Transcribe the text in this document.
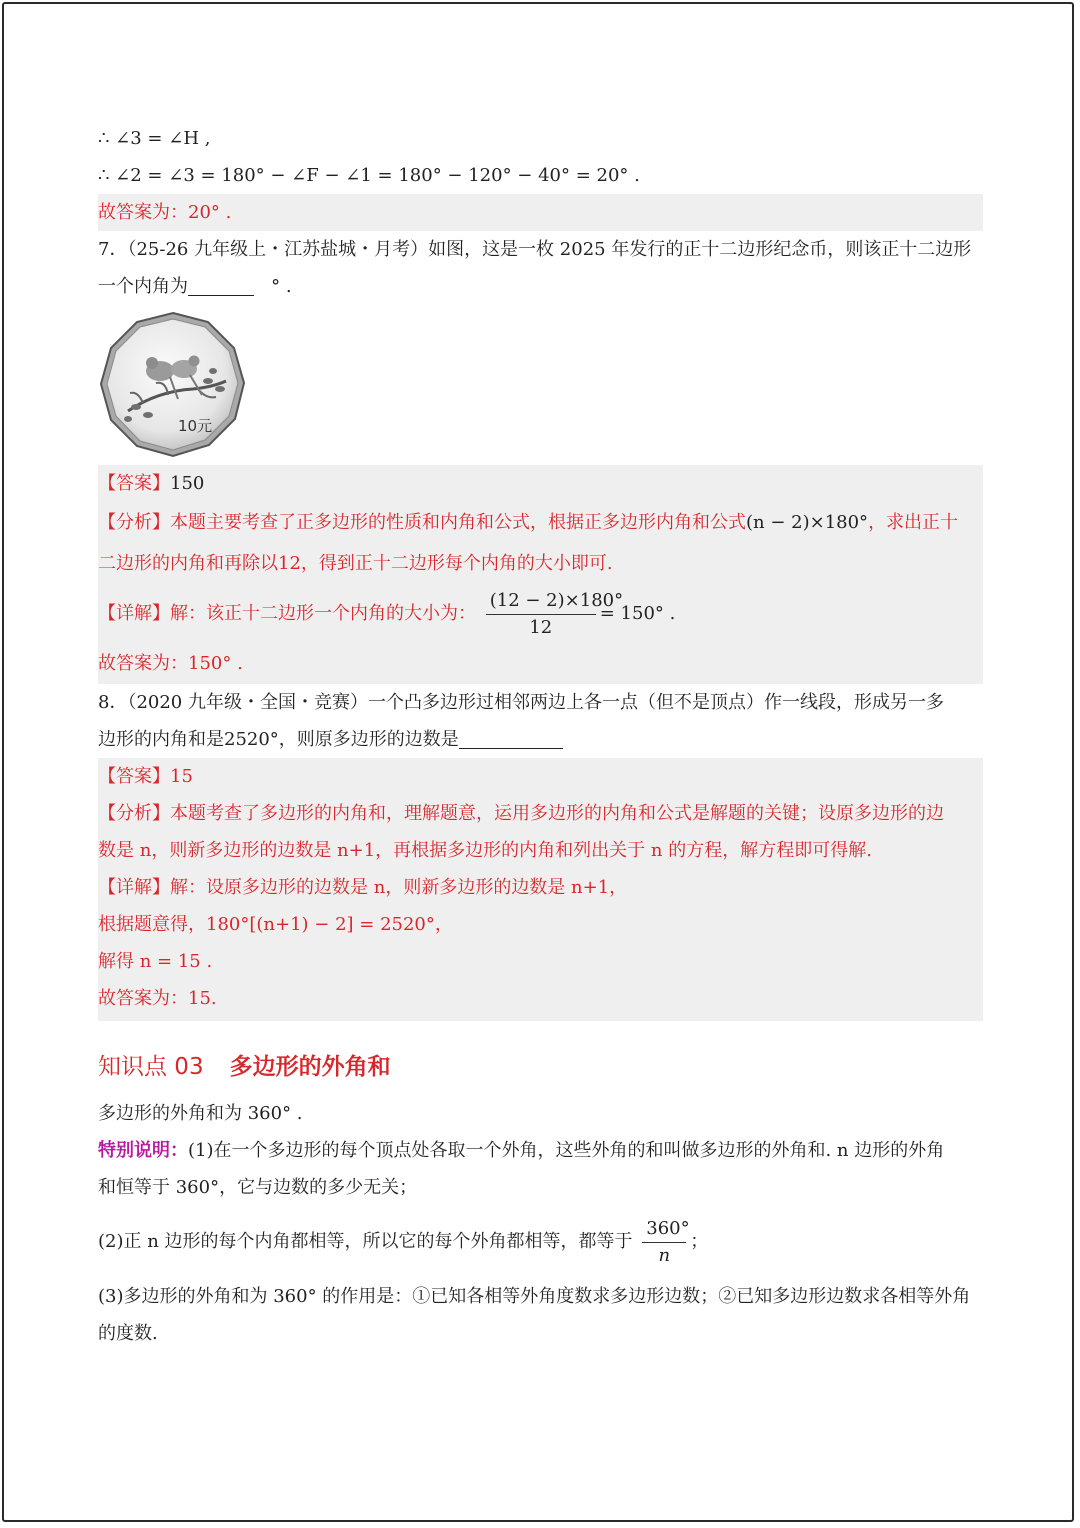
∴ ∠3 = ∠H ,
∴ ∠2 = ∠3 = 180° − ∠F − ∠1 = 180° − 120° − 40° = 20° .
故答案为：20° .
7．（25-26 九年级上・江苏盐城・月考）如图，这是一枚 2025 年发行的正十二边形纪念币，则该正十二边形
一个内角为	° .
10元
【答案】150
【分析】本题主要考查了正多边形的性质和内角和公式，根据正多边形内角和公式(n − 2)×180°，求出正十
二边形的内角和再除以12，得到正十二边形每个内角的大小即可.
【详解】解：该正十二边形一个内角的大小为： $\frac{(12 - 2)\times 180^\circ}{12} = 150^\circ$ .
故答案为：150° .
8．（2020 九年级・全国・竞赛）一个凸多边形过相邻两边上各一点（但不是顶点）作一线段，形成另一多
边形的内角和是2520°，则原多边形的边数是
【答案】15
【分析】本题考查了多边形的内角和，理解题意，运用多边形的内角和公式是解题的关键；设原多边形的边
数是 n，则新多边形的边数是 n+1，再根据多边形的内角和列出关于 n 的方程，解方程即可得解.
【详解】解：设原多边形的边数是 n，则新多边形的边数是 n+1，
根据题意得，180°[(n+1) − 2] = 2520°，
解得 n = 15 .
故答案为：15.
知识点 03 多边形的外角和
多边形的外角和为 360° .
特别说明：(1)在一个多边形的每个顶点处各取一个外角，这些外角的和叫做多边形的外角和. n 边形的外角
和恒等于 360°，它与边数的多少无关；
(2)正 n 边形的每个内角都相等，所以它的每个外角都相等，都等于 $\frac{360^\circ}{n}$ ；
(3)多边形的外角和为 360° 的作用是：①已知各相等外角度数求多边形边数；②已知多边形边数求各相等外角
的度数.
